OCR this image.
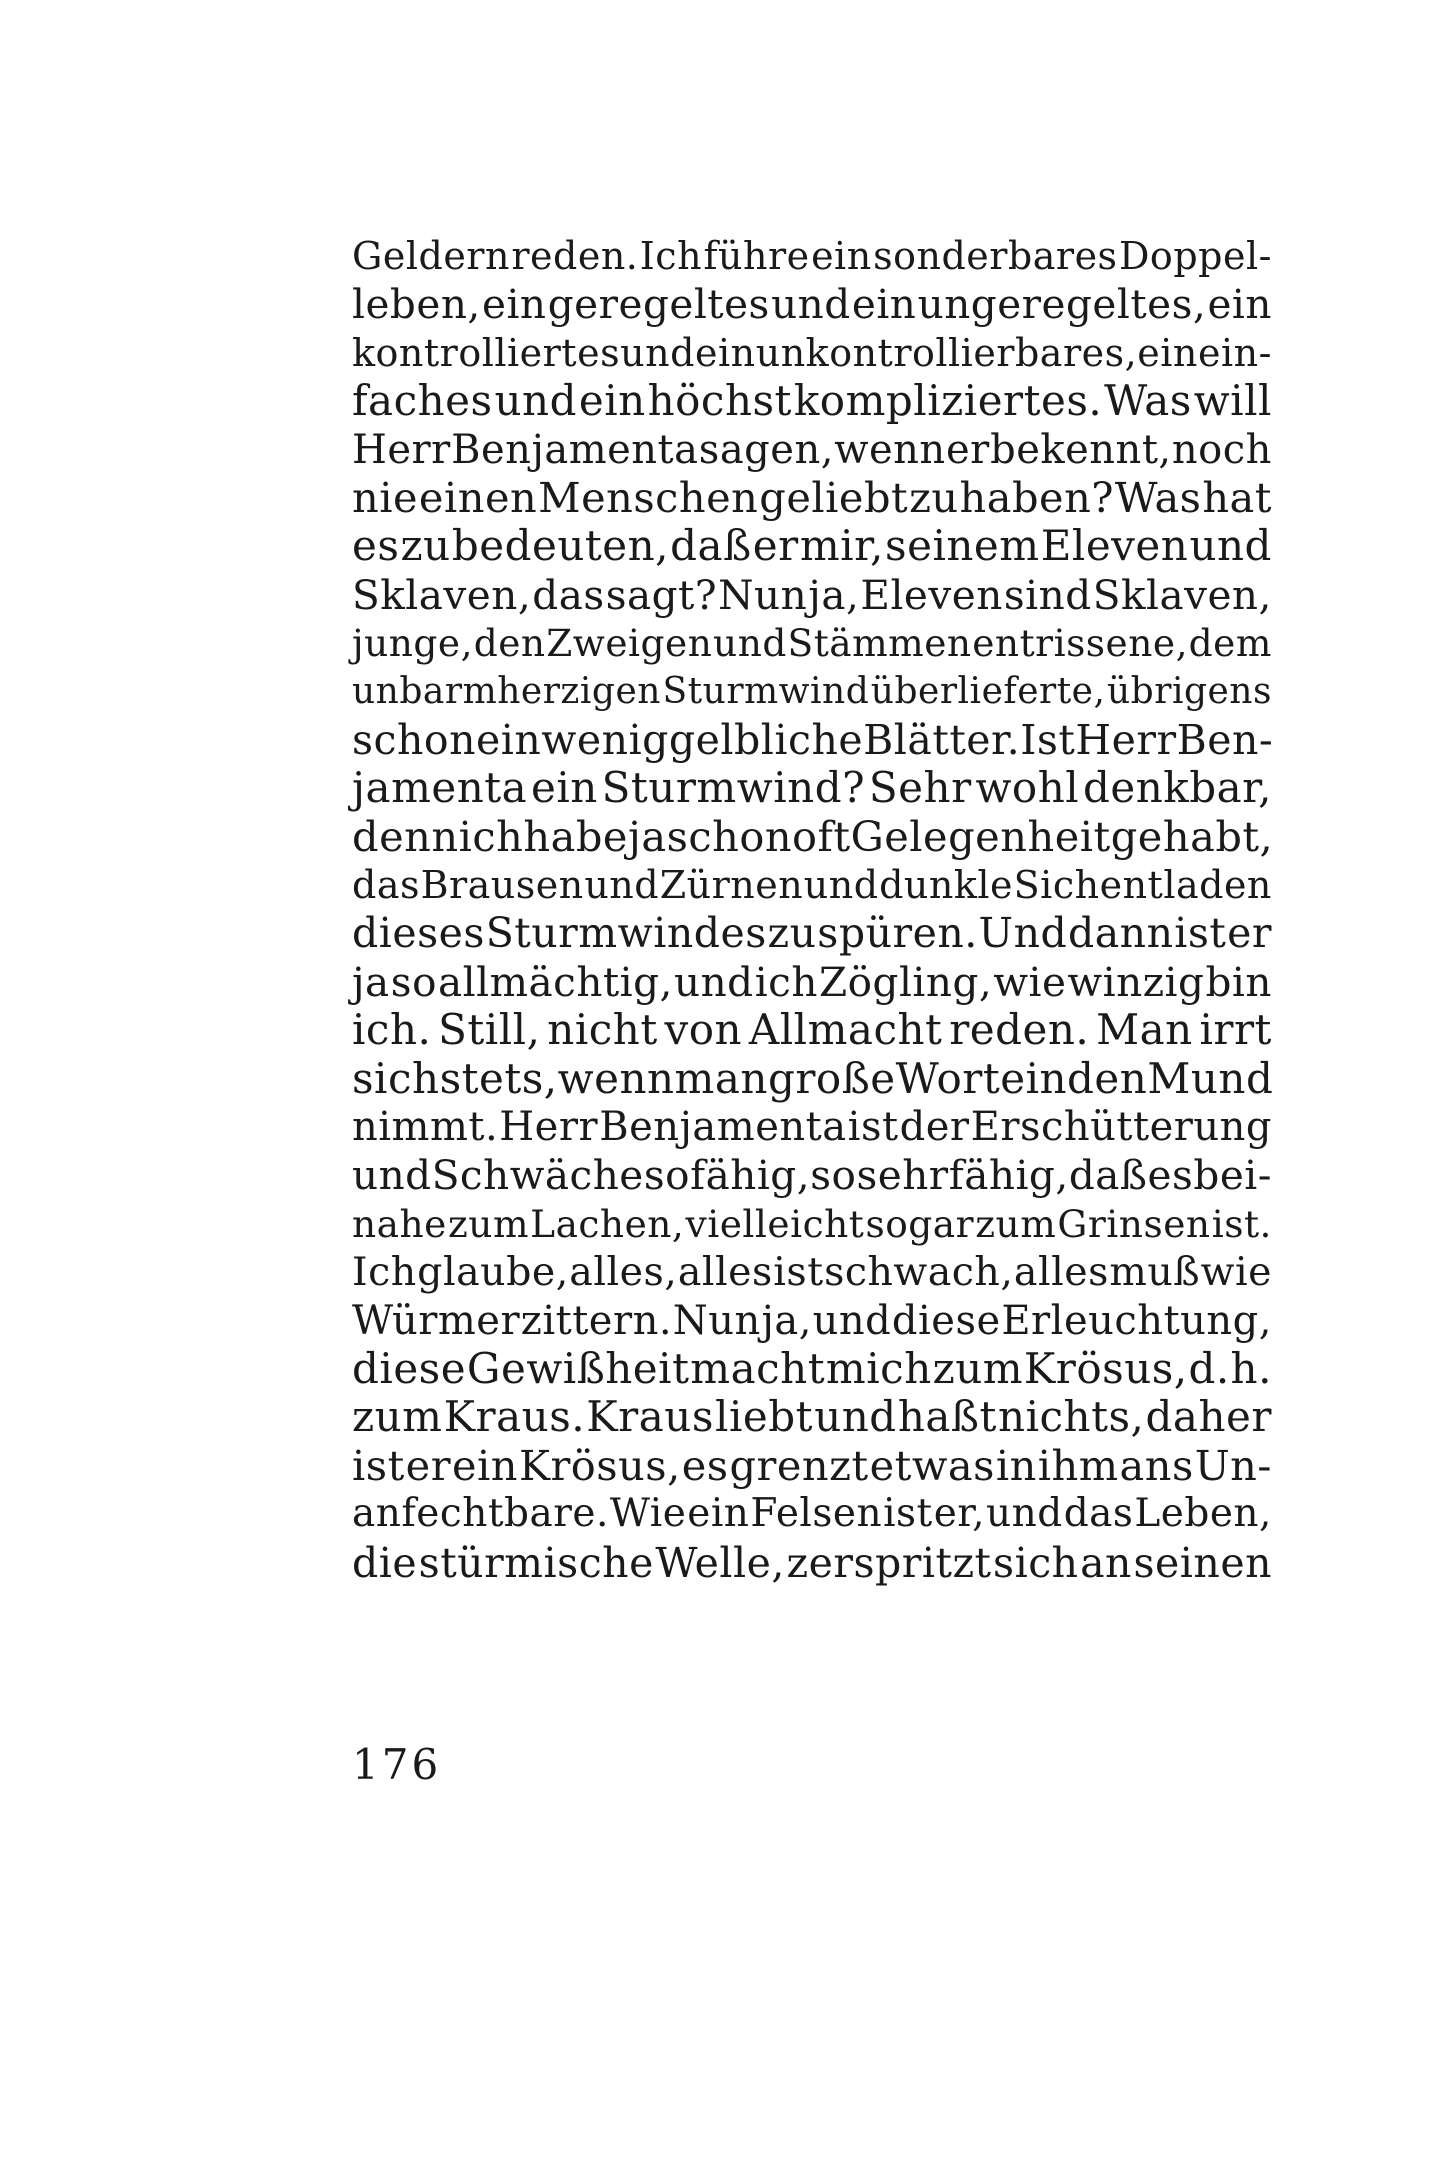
Geldern reden. Ich führe ein sonderbares Doppel-
leben, ein geregeltes und ein ungeregeltes, ein
kontrolliertes und ein unkontrollierbares, ein ein-
faches und ein höchst kompliziertes. Was will
Herr Benjamenta sagen, wenn er bekennt, noch
nie einen Menschen geliebt zu haben? Was hat
es zu bedeuten, daß er mir, seinem Eleven und
Sklaven, das sagt? Nun ja, Eleven sind Sklaven,
junge, den Zweigen und Stämmen entrissene, dem
unbarmherzigen Sturmwind überlieferte, übrigens
schon ein wenig gelbliche Blätter. Ist Herr Ben-
jamenta ein Sturmwind? Sehr wohl denkbar,
denn ich habe ja schon oft Gelegenheit gehabt,
das Brausen und Zürnen und dunkle Sichentladen
dieses Sturmwindes zu spüren. Und dann ist er
ja so allmächtig, und ich Zögling, wie winzig bin
ich. Still, nicht von Allmacht reden. Man irrt
sich stets, wenn man große Worte in den Mund
nimmt. Herr Benjamenta ist der Erschütterung
und Schwäche so fähig, so sehr fähig, daß es bei-
nahe zum Lachen, vielleicht sogar zum Grinsen ist.
Ich glaube, alles, alles ist schwach, alles muß wie
Würmer zittern. Nun ja, und diese Erleuchtung,
diese Gewißheit macht mich zum Krösus, d. h.
zum Kraus. Kraus liebt und haßt nichts, daher
ist er ein Krösus, es grenzt etwas in ihm ans Un-
anfechtbare. Wie ein Felsen ist er, und das Leben,
die stürmische Welle, zerspritzt sich an seinen
176
